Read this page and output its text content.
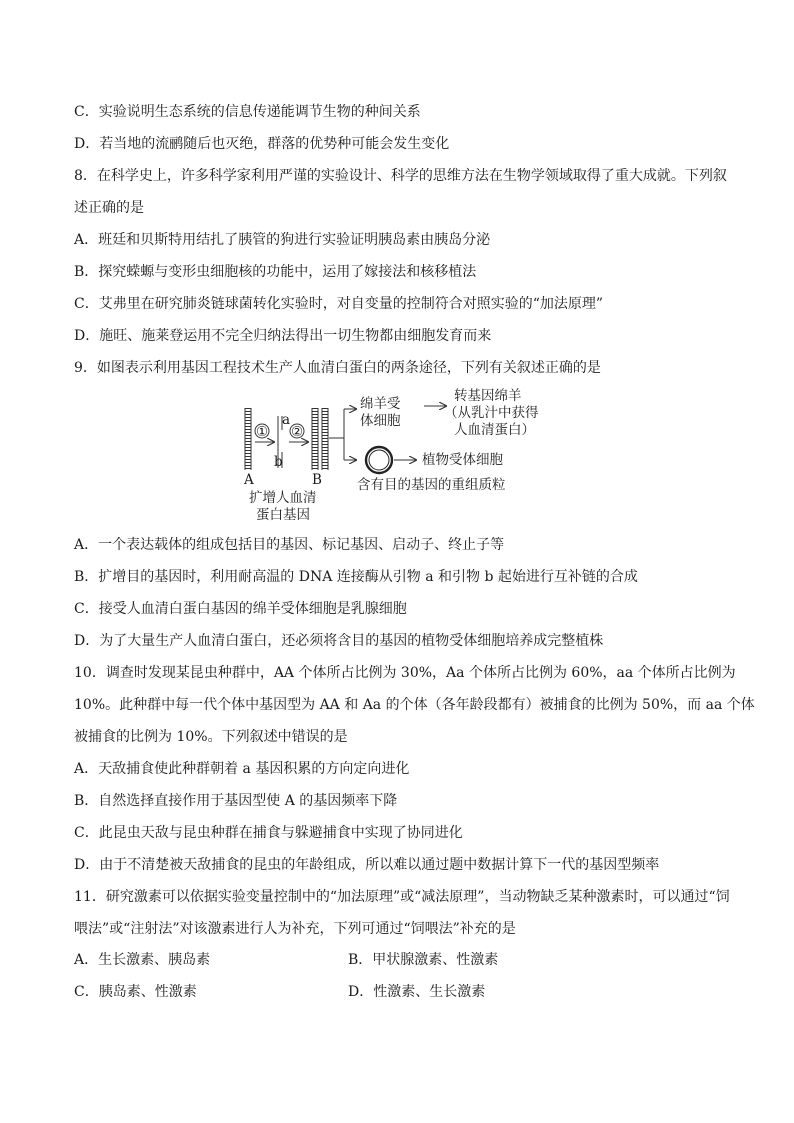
C．实验说明生态系统的信息传递能调节生物的种间关系
D．若当地的流鹂随后也灭绝，群落的优势种可能会发生变化
8．在科学史上，许多科学家利用严谨的实验设计、科学的思维方法在生物学领域取得了重大成就。下列叙
述正确的是
A．班廷和贝斯特用结扎了胰管的狗进行实验证明胰岛素由胰岛分泌
B．探究蝾螈与变形虫细胞核的功能中，运用了嫁接法和核移植法
C．艾弗里在研究肺炎链球菌转化实验时，对自变量的控制符合对照实验的“加法原理”
D．施旺、施莱登运用不完全归纳法得出一切生物都由细胞发育而来
9．如图表示利用基因工程技术生产人血清白蛋白的两条途径，下列有关叙述正确的是
A
①
a
b
②
B
绵羊受
体细胞
转基因绵羊
（从乳汁中获得
人血清蛋白）
植物受体细胞
含有目的基因的重组质粒
扩增人血清
蛋白基因
A．一个表达载体的组成包括目的基因、标记基因、启动子、终止子等
B．扩增目的基因时，利用耐高温的 DNA 连接酶从引物 a 和引物 b 起始进行互补链的合成
C．接受人血清白蛋白基因的绵羊受体细胞是乳腺细胞
D．为了大量生产人血清白蛋白，还必须将含目的基因的植物受体细胞培养成完整植株
10．调查时发现某昆虫种群中，AA 个体所占比例为 30%，Aa 个体所占比例为 60%，aa 个体所占比例为
10%。此种群中每一代个体中基因型为 AA 和 Aa 的个体（各年龄段都有）被捕食的比例为 50%，而 aa 个体
被捕食的比例为 10%。下列叙述中错误的是
A．天敌捕食使此种群朝着 a 基因积累的方向定向进化
B．自然选择直接作用于基因型使 A 的基因频率下降
C．此昆虫天敌与昆虫种群在捕食与躲避捕食中实现了协同进化
D．由于不清楚被天敌捕食的昆虫的年龄组成，所以难以通过题中数据计算下一代的基因型频率
11．研究激素可以依据实验变量控制中的“加法原理”或“减法原理”，当动物缺乏某种激素时，可以通过“饲
喂法”或“注射法”对该激素进行人为补充，下列可通过“饲喂法”补充的是
A．生长激素、胰岛素	B．甲状腺激素、性激素
C．胰岛素、性激素	D．性激素、生长激素
